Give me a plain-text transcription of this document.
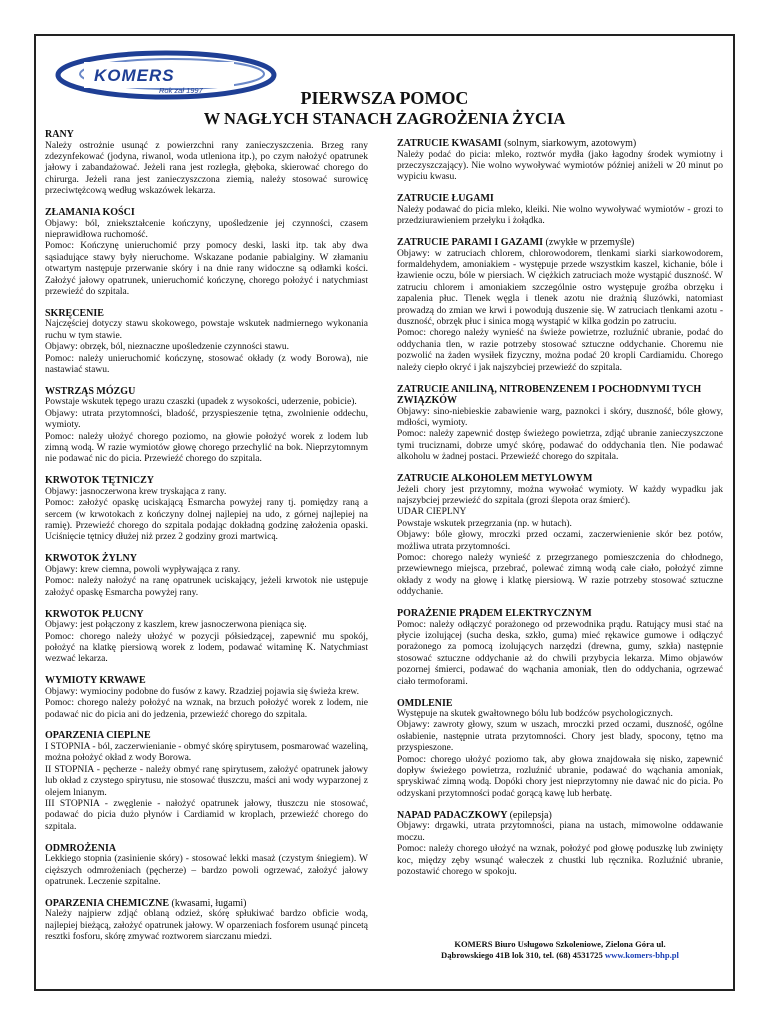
KOMERS
Rok zał 1997	PIERWSZA POMOC
W NAGŁYCH STANACH ZAGROŻENIA ŻYCIA
RANY
Należy ostrożnie usunąć z powierzchni rany zanieczyszczenia. Brzeg rany zdezynfekować (jodyna, riwanol, woda utleniona itp.), po czym nałożyć opatrunek jałowy i zabandażować. Jeżeli rana jest rozległa, głęboka, skierować chorego do chirurga. Jeżeli rana jest zanieczyszczona ziemią, należy stosować surowicę przeciwtężcową według wskazówek lekarza.
ZŁAMANIA KOŚCI
Objawy: ból, zniekształcenie kończyny, upośledzenie jej czynności, czasem nieprawidłowa ruchomość.
Pomoc: Kończynę unieruchomić przy pomocy deski, laski itp. tak aby dwa sąsiadujące stawy były nieruchome. Wskazane podanie pabialginy. W złamaniu otwartym następuje przerwanie skóry i na dnie rany widoczne są odłamki kości. Założyć jałowy opatrunek, unieruchomić kończynę, chorego położyć i natychmiast przewieźć do szpitala.
SKRĘCENIE
Najczęściej dotyczy stawu skokowego, powstaje wskutek nadmiernego wykonania ruchu w tym stawie.
Objawy: obrzęk, ból, nieznaczne upośledzenie czynności stawu.
Pomoc: należy unieruchomić kończynę, stosować okłady (z wody Borowa), nie nastawiać stawu.
WSTRZĄS MÓZGU
Powstaje wskutek tępego urazu czaszki (upadek z wysokości, uderzenie, pobicie).
Objawy: utrata przytomności, bladość, przyspieszenie tętna, zwolnienie oddechu, wymioty.
Pomoc: należy ułożyć chorego poziomo, na głowie położyć worek z lodem lub zimną wodą. W razie wymiotów głowę chorego przechylić na bok. Nieprzytomnym nie podawać nic do picia. Przewieźć chorego do szpitala.
KRWOTOK TĘTNICZY
Objawy: jasnoczerwona krew tryskająca z rany.
Pomoc: założyć opaskę uciskającą Esmarcha powyżej rany tj. pomiędzy raną a sercem (w krwotokach z kończyny dolnej najlepiej na udo, z górnej najlepiej na ramię). Przewieźć chorego do szpitala podając dokładną godzinę założenia opaski. Uciśnięcie tętnicy dłużej niż przez 2 godziny grozi martwicą.
KRWOTOK ŻYLNY
Objawy: krew ciemna, powoli wypływająca z rany.
Pomoc: należy nałożyć na ranę opatrunek uciskający, jeżeli krwotok nie ustępuje założyć opaskę Esmarcha powyżej rany.
KRWOTOK PŁUCNY
Objawy: jest połączony z kaszlem, krew jasnoczerwona pieniąca się.
Pomoc: chorego należy ułożyć w pozycji półsiedzącej, zapewnić mu spokój, położyć na klatkę piersiową worek z lodem, podawać witaminę K. Natychmiast wezwać lekarza.
WYMIOTY KRWAWE
Objawy: wymiociny podobne do fusów z kawy. Rzadziej pojawia się świeża krew.
Pomoc: chorego należy położyć na wznak, na brzuch położyć worek z lodem, nie podawać nic do picia ani do jedzenia, przewieźć chorego do szpitala.
OPARZENIA CIEPLNE
I STOPNIA - ból, zaczerwienianie - obmyć skórę spirytusem, posmarować wazeliną, można położyć okład z wody Borowa.
II STOPNIA - pęcherze - należy obmyć ranę spirytusem, założyć opatrunek jałowy lub okład z czystego spirytusu, nie stosować tłuszczu, maści ani wody wyparzonej z olejem lnianym.
III STOPNIA - zwęglenie - nałożyć opatrunek jałowy, tłuszczu nie stosować, podawać do picia dużo płynów i Cardiamid w kroplach, przewieźć chorego do szpitala.
ODMROŻENIA
Lekkiego stopnia (zasinienie skóry) - stosować lekki masaż (czystym śniegiem). W cięższych odmrożeniach (pęcherze) – bardzo powoli ogrzewać, założyć jałowy opatrunek. Leczenie szpitalne.
OPARZENIA CHEMICZNE (kwasami, ługami)
Należy najpierw zdjąć oblaną odzież, skórę spłukiwać bardzo obficie wodą, najlepiej bieżącą, założyć opatrunek jałowy. W oparzeniach fosforem usunąć pincetą resztki fosforu, skórę zmywać roztworem siarczanu miedzi.
ZATRUCIE KWASAMI (solnym, siarkowym, azotowym)
Należy podać do picia: mleko, roztwór mydła (jako łagodny środek wymiotny i przeczyszczający). Nie wolno wywoływać wymiotów później aniżeli w 20 minut po wypiciu kwasu.
ZATRUCIE ŁUGAMI
Należy podawać do picia mleko, kleiki. Nie wolno wywoływać wymiotów - grozi to przedziurawieniem przełyku i żołądka.
ZATRUCIE PARAMI I GAZAMI (zwykłe w przemyśle)
Objawy: w zatruciach chlorem, chlorowodorem, tlenkami siarki siarkowodorem, formaldehydem, amoniakiem - występuje przede wszystkim kaszel, kichanie, bóle i łzawienie oczu, bóle w piersiach. W ciężkich zatruciach może wystąpić duszność. W zatruciu chlorem i amoniakiem szczególnie ostro występuje groźba obrzęku i zapalenia płuc. Tlenek węgla i tlenek azotu nie drażnią śluzówki, natomiast prowadzą do zmian we krwi i powodują duszenie się. W zatruciach tlenkami azotu - duszność, obrzęk płuc i sinica mogą wystąpić w kilka godzin po zatruciu.
Pomoc: chorego należy wynieść na świeże powietrze, rozluźnić ubranie, podać do oddychania tlen, w razie potrzeby stosować sztuczne oddychanie. Choremu nie pozwolić na żaden wysiłek fizyczny, można podać 20 kropli Cardiamidu. Chorego należy ciepło okryć i jak najszybciej przewieźć do szpitala.
ZATRUCIE ANILINĄ, NITROBENZENEM I POCHODNYMI TYCH ZWIĄZKÓW
Objawy: sino-niebieskie zabawienie warg, paznokci i skóry, duszność, bóle głowy, mdłości, wymioty.
Pomoc: należy zapewnić dostęp świeżego powietrza, zdjąć ubranie zanieczyszczone tymi truciznami, dobrze umyć skórę, podawać do oddychania tlen. Nie podawać alkoholu w żadnej postaci. Przewieźć chorego do szpitala.
ZATRUCIE ALKOHOLEM METYLOWYM
Jeżeli chory jest przytomny, można wywołać wymioty. W każdy wypadku jak najszybciej przewieźć do szpitala (grozi ślepota oraz śmierć).
UDAR CIEPLNY
Powstaje wskutek przegrzania (np. w hutach).
Objawy: bóle głowy, mroczki przed oczami, zaczerwienienie skór bez potów, możliwa utrata przytomności.
Pomoc: chorego należy wynieść z przegrzanego pomieszczenia do chłodnego, przewiewnego miejsca, przebrać, polewać zimną wodą całe ciało, położyć zimne okłady z wody na głowę i klatkę piersiową. W razie potrzeby stosować sztuczne oddychanie.
PORAŻENIE PRĄDEM ELEKTRYCZNYM
Pomoc: należy odłączyć porażonego od przewodnika prądu. Ratujący musi stać na płycie izolującej (sucha deska, szkło, guma) mieć rękawice gumowe i odłączyć porażonego za pomocą izolujących narzędzi (drewna, gumy, szkła) następnie stosować sztuczne oddychanie aż do chwili przybycia lekarza. Mimo objawów pozornej śmierci, podawać do wąchania amoniak, tlen do oddychania, ogrzewać ciało termoforami.
OMDLENIE
Występuje na skutek gwałtownego bólu lub bodźców psychologicznych.
Objawy: zawroty głowy, szum w uszach, mroczki przed oczami, duszność, ogólne osłabienie, następnie utrata przytomności. Chory jest blady, spocony, tętno ma przyspieszone.
Pomoc: chorego ułożyć poziomo tak, aby głowa znajdowała się nisko, zapewnić dopływ świeżego powietrza, rozluźnić ubranie, podawać do wąchania amoniak, spryskiwać zimną wodą. Dopóki chory jest nieprzytomny nie dawać nic do picia. Po odzyskani przytomności podać gorącą kawę lub herbatę.
NAPAD PADACZKOWY (epilepsja)
Objawy: drgawki, utrata przytomności, piana na ustach, mimowolne oddawanie moczu.
Pomoc: należy chorego ułożyć na wznak, położyć pod głowę poduszkę lub zwinięty koc, między zęby wsunąć wałeczek z chustki lub ręcznika. Rozluźnić ubranie, pozostawić chorego w spokoju.
KOMERS Biuro Usługowo Szkoleniowe, Zielona Góra ul.
Dąbrowskiego 41B lok 310, tel. (68) 4531725 www.komers-bhp.pl
